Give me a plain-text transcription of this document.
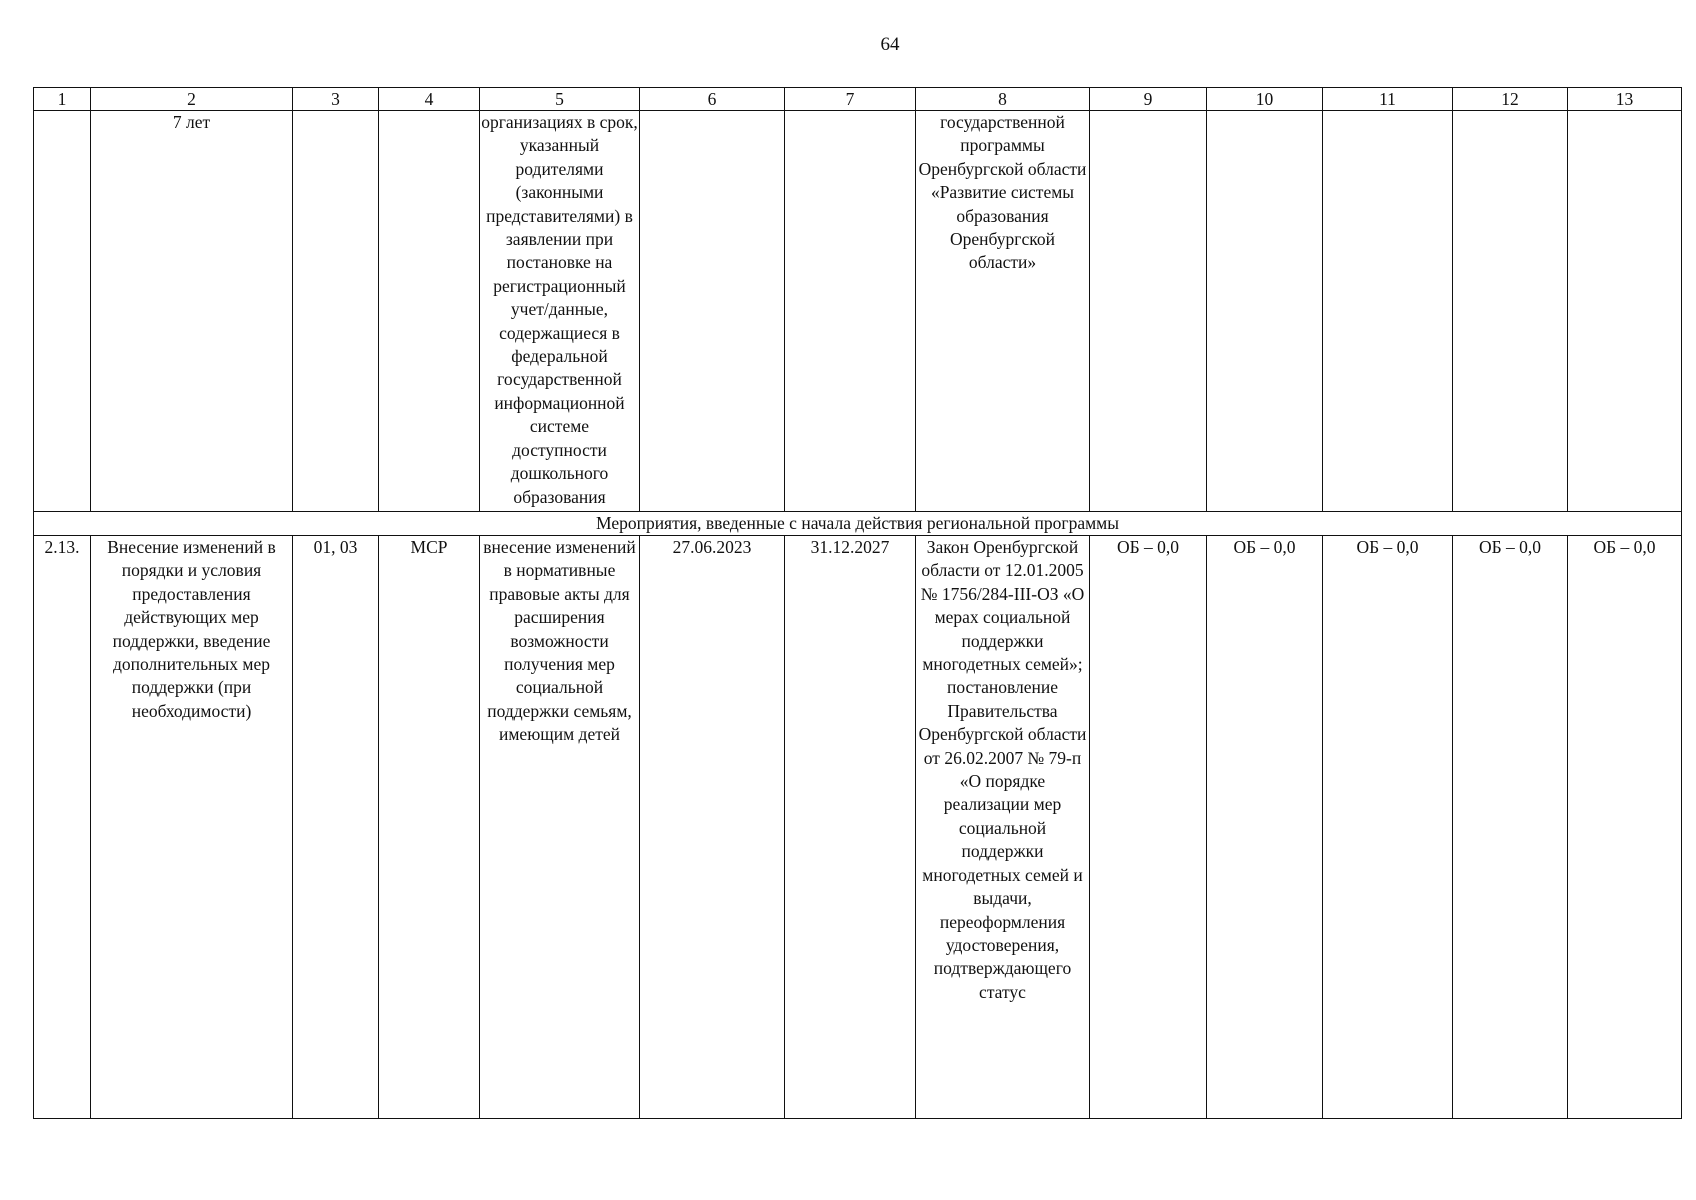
64
1	2	3	4	5	6	7	8	9	10	11	12	13
	7 лет			организациях в срок, указанный родителями (законными представителями) в заявлении при постановке на регистрационный учет/данные, содержащиеся в федеральной государственной информационной системе доступности дошкольного образования			государственной программы Оренбургской области «Развитие системы образования Оренбургской области»					
Мероприятия, введенные с начала действия региональной программы												
2.13.	Внесение изменений в порядки и условия предоставления действующих мер поддержки, введение дополнительных мер поддержки (при необходимости)	01, 03	МСР	внесение изменений в нормативные правовые акты для расширения возможности получения мер социальной поддержки семьям, имеющим детей	27.06.2023	31.12.2027	Закон Оренбургской области от 12.01.2005 № 1756/284-III-ОЗ «О мерах социальной поддержки многодетных семей»; постановление Правительства Оренбургской области от 26.02.2007 № 79-п «О порядке реализации мер социальной поддержки многодетных семей и выдачи, переоформления удостоверения, подтверждающего статус	ОБ – 0,0	ОБ – 0,0	ОБ – 0,0	ОБ – 0,0	ОБ – 0,0
